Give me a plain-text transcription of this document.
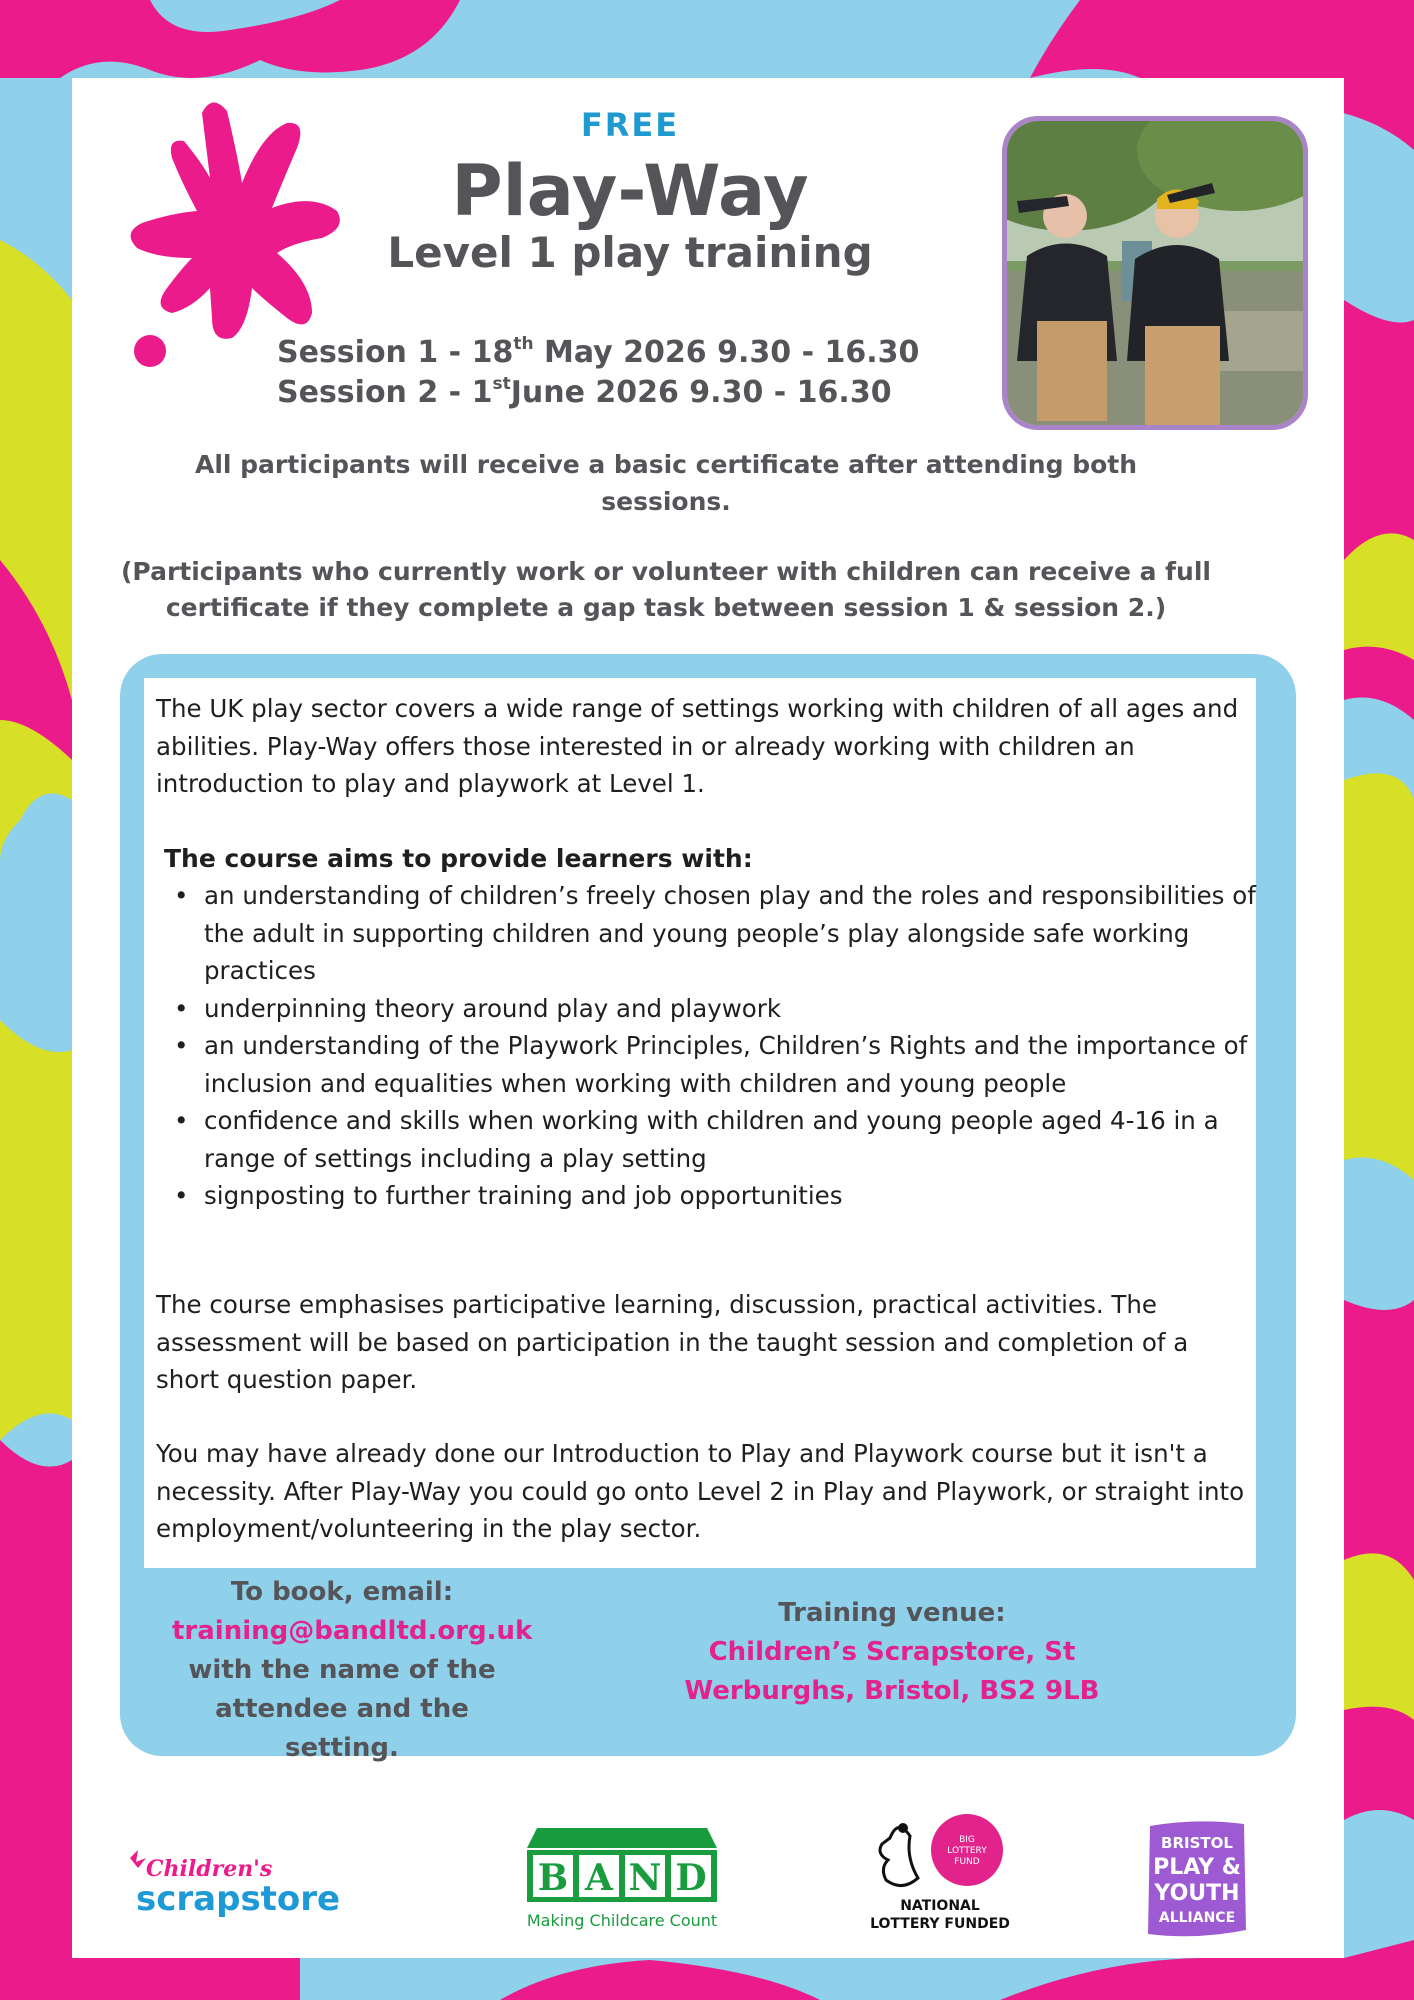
FREE
Play-Way
Level 1 play training
Session 1 - 18th May 2026 9.30 - 16.30
Session 2 - 1stJune 2026 9.30 - 16.30
All participants will receive a basic certificate after attending both sessions.
(Participants who currently work or volunteer with children can receive a full certificate if they complete a gap task between session 1 & session 2.)

The UK play sector covers a wide range of settings working with children of all ages and abilities. Play-Way offers those interested in or already working with children an introduction to play and playwork at Level 1.

The course aims to provide learners with:
• an understanding of children’s freely chosen play and the roles and responsibilities of the adult in supporting children and young people’s play alongside safe working practices
• underpinning theory around play and playwork
• an understanding of the Playwork Principles, Children’s Rights and the importance of inclusion and equalities when working with children and young people
• confidence and skills when working with children and young people aged 4-16 in a range of settings including a play setting
• signposting to further training and job opportunities

The course emphasises participative learning, discussion, practical activities. The assessment will be based on participation in the taught session and completion of a short question paper.

You may have already done our Introduction to Play and Playwork course but it isn't a necessity. After Play-Way you could go onto Level 2 in Play and Playwork, or straight into employment/volunteering in the play sector.

To book, email:
training@bandltd.org.uk
with the name of the attendee and the setting.
Training venue:
Children’s Scrapstore, St Werburghs, Bristol, BS2 9LB
Children's
scrapstore	B A N D
Making Childcare Count
BIG
LOTTERY
FUND
NATIONAL
LOTTERY FUNDED
BRISTOL
PLAY &
YOUTH
ALLIANCE
